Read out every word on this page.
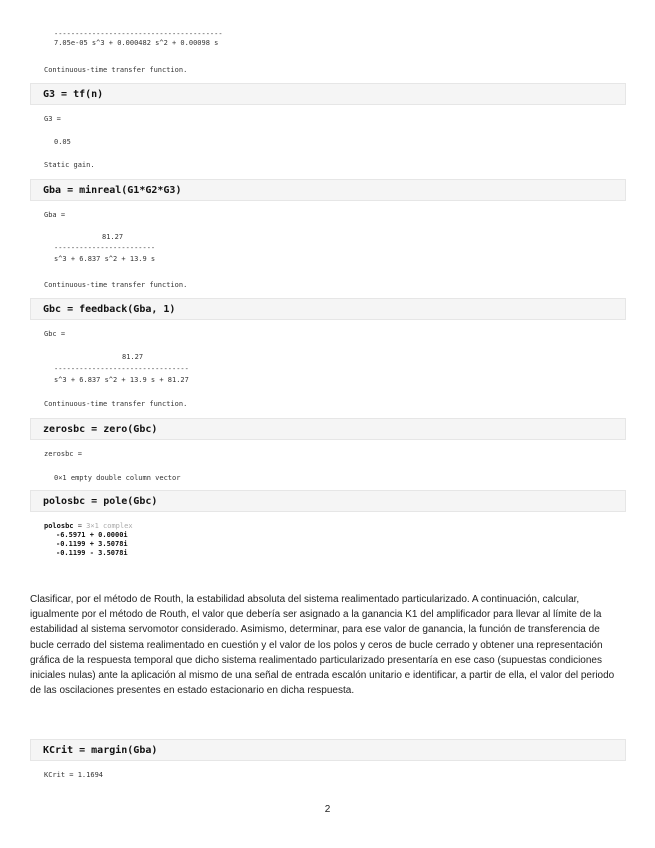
----------------------------------------
7.05e-05 s^3 + 0.000482 s^2 + 0.00098 s
Continuous-time transfer function.
G3 = tf(n)
G3 =
0.05
Static gain.
Gba = minreal(G1*G2*G3)
Gba =
81.27
------------------------
s^3 + 6.837 s^2 + 13.9 s
Continuous-time transfer function.
Gbc = feedback(Gba, 1)
Gbc =
81.27
--------------------------------
s^3 + 6.837 s^2 + 13.9 s + 81.27
Continuous-time transfer function.
zerosbc = zero(Gbc)
zerosbc =
0×1 empty double column vector
polosbc = pole(Gbc)
polosbc = 3×1 complex
-6.5971 + 0.0000i
-0.1199 + 3.5078i
-0.1199 - 3.5078i
Clasificar, por el método de Routh, la estabilidad absoluta del sistema realimentado particularizado. A continuación, calcular, igualmente por el método de Routh, el valor que debería ser asignado a la ganancia K1 del amplificador para llevar al límite de la estabilidad al sistema servomotor considerado. Asimismo, determinar, para ese valor de ganancia, la función de transferencia de bucle cerrado del sistema realimentado en cuestión y el valor de los polos y ceros de bucle cerrado y obtener una representación gráfica de la respuesta temporal que dicho sistema realimentado particularizado presentaría en ese caso (supuestas condiciones iniciales nulas) ante la aplicación al mismo de una señal de entrada escalón unitario e identificar, a partir de ella, el valor del periodo de las oscilaciones presentes en estado estacionario en dicha respuesta.
KCrit = margin(Gba)
KCrit = 1.1694
2
